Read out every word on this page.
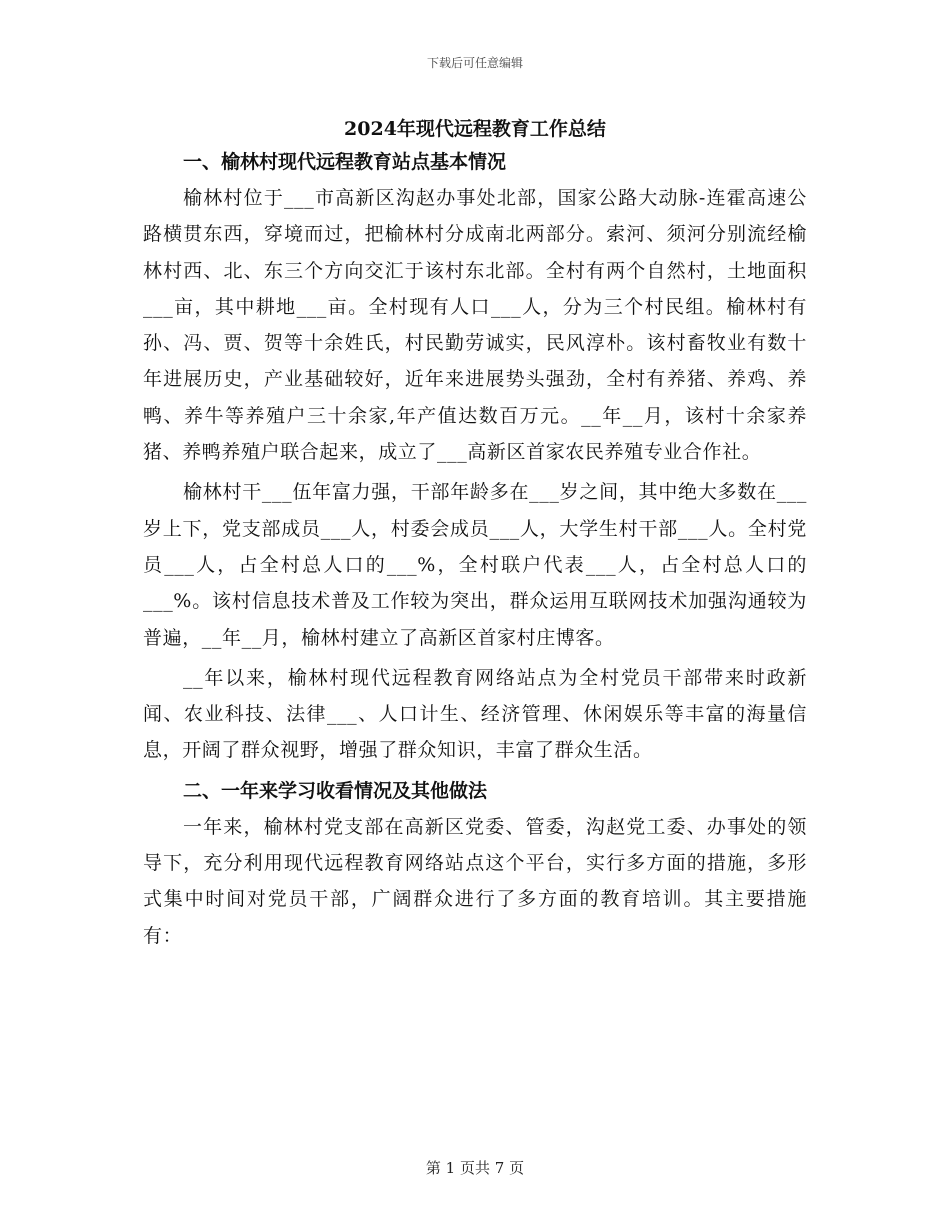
下载后可任意编辑
2024年现代远程教育工作总结
一、榆林村现代远程教育站点基本情况

榆林村位于___市高新区沟赵办事处北部，国家公路大动脉-连霍高速公路横贯东西，穿境而过，把榆林村分成南北两部分。索河、须河分别流经榆林村西、北、东三个方向交汇于该村东北部。全村有两个自然村，土地面积___亩，其中耕地___亩。全村现有人口___人，分为三个村民组。榆林村有孙、冯、贾、贺等十余姓氏，村民勤劳诚实，民风淳朴。该村畜牧业有数十年进展历史，产业基础较好，近年来进展势头强劲，全村有养猪、养鸡、养鸭、养牛等养殖户三十余家,年产值达数百万元。__年__月，该村十余家养猪、养鸭养殖户联合起来，成立了___高新区首家农民养殖专业合作社。

榆林村干___伍年富力强，干部年龄多在___岁之间，其中绝大多数在___岁上下，党支部成员___人，村委会成员___人，大学生村干部___人。全村党员___人，占全村总人口的___%，全村联户代表___人，占全村总人口的___%。该村信息技术普及工作较为突出，群众运用互联网技术加强沟通较为普遍，__年__月，榆林村建立了高新区首家村庄博客。

__年以来，榆林村现代远程教育网络站点为全村党员干部带来时政新闻、农业科技、法律___、人口计生、经济管理、休闲娱乐等丰富的海量信息，开阔了群众视野，增强了群众知识，丰富了群众生活。

二、一年来学习收看情况及其他做法

一年来，榆林村党支部在高新区党委、管委，沟赵党工委、办事处的领导下，充分利用现代远程教育网络站点这个平台，实行多方面的措施，多形式集中时间对党员干部，广阔群众进行了多方面的教育培训。其主要措施有：

第 1 页共 7 页
